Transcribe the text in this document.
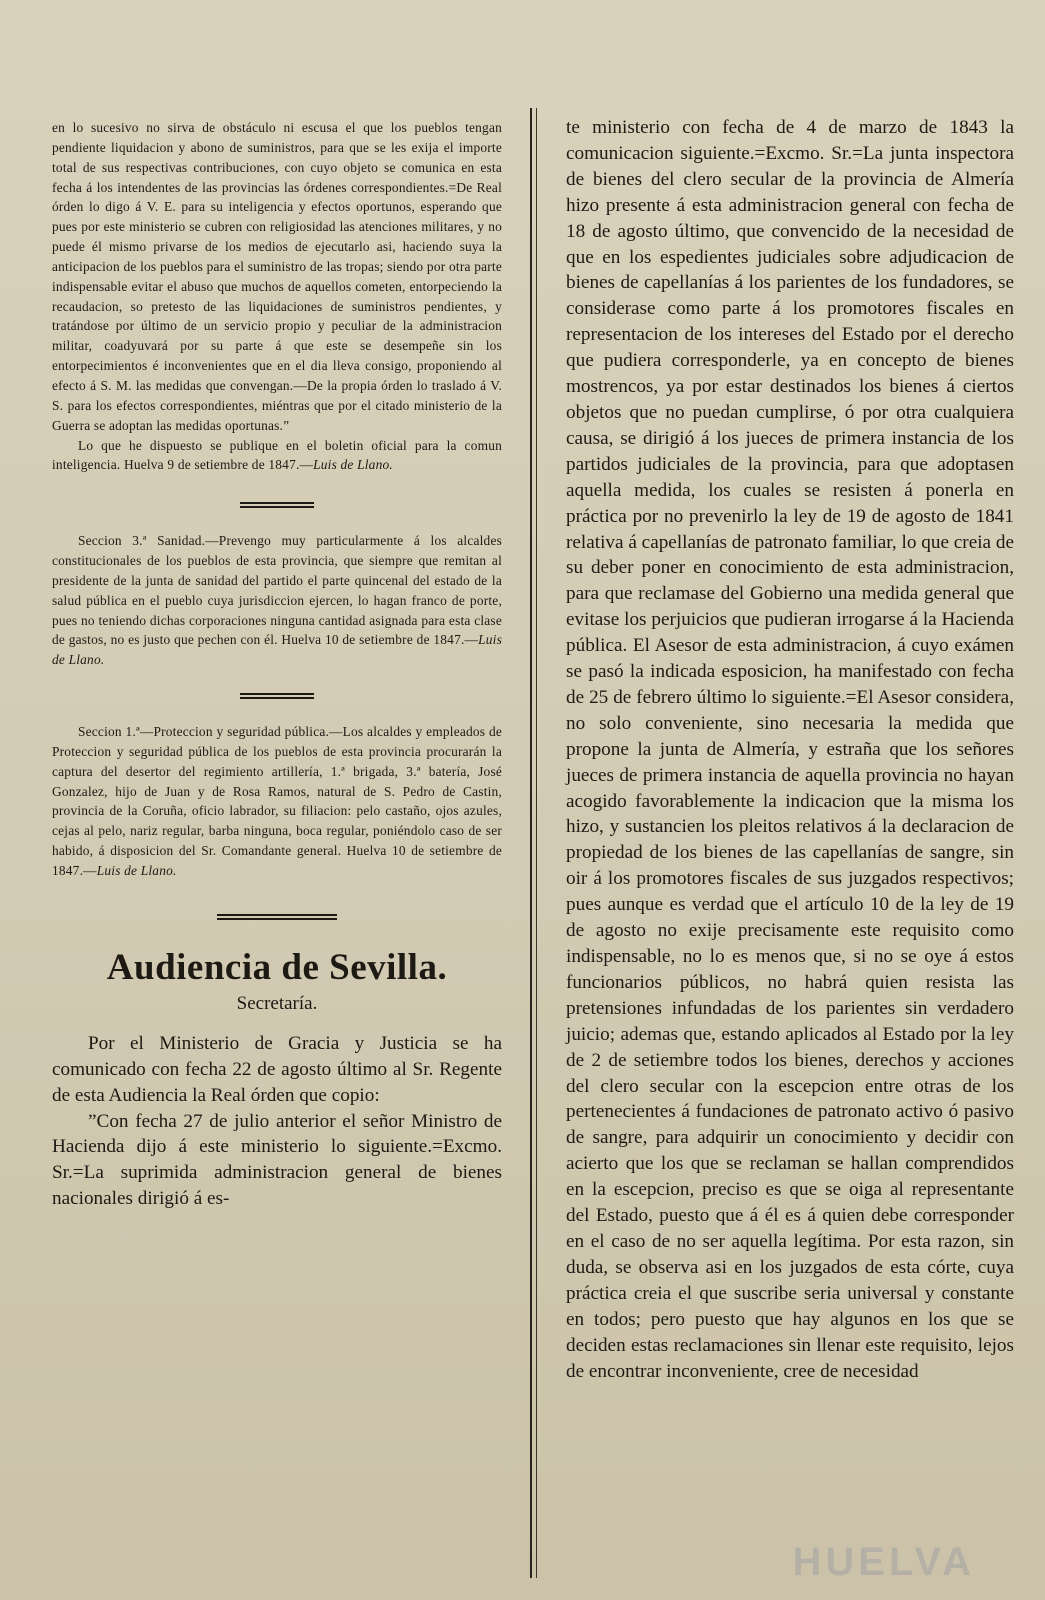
en lo sucesivo no sirva de obstáculo ni escusa el que los pueblos tengan pendiente liquidacion y abono de suministros, para que se les exija el importe total de sus respectivas contribuciones, con cuyo objeto se comunica en esta fecha á los intendentes de las provincias las órdenes correspondientes.=De Real órden lo digo á V. E. para su inteligencia y efectos oportunos, esperando que pues por este ministerio se cubren con religiosidad las atenciones militares, y no puede él mismo privarse de los medios de ejecutarlo asi, haciendo suya la anticipacion de los pueblos para el suministro de las tropas; siendo por otra parte indispensable evitar el abuso que muchos de aquellos cometen, entorpeciendo la recaudacion, so pretesto de las liquidaciones de suministros pendientes, y tratándose por último de un servicio propio y peculiar de la administracion militar, coadyuvará por su parte á que este se desempeñe sin los entorpecimientos é inconvenientes que en el dia lleva consigo, proponiendo al efecto á S. M. las medidas que convengan.—De la propia órden lo traslado á V. S. para los efectos correspondientes, miéntras que por el citado ministerio de la Guerra se adoptan las medidas oportunas.”

Lo que he dispuesto se publique en el boletin oficial para la comun inteligencia. Huelva 9 de setiembre de 1847.—Luis de Llano.

Seccion 3.ª Sanidad.—Prevengo muy particularmente á los alcaldes constitucionales de los pueblos de esta provincia, que siempre que remitan al presidente de la junta de sanidad del partido el parte quincenal del estado de la salud pública en el pueblo cuya jurisdiccion ejercen, lo hagan franco de porte, pues no teniendo dichas corporaciones ninguna cantidad asignada para esta clase de gastos, no es justo que pechen con él. Huelva 10 de setiembre de 1847.—Luis de Llano.

Seccion 1.ª—Proteccion y seguridad pública.—Los alcaldes y empleados de Proteccion y seguridad pública de los pueblos de esta provincia procurarán la captura del desertor del regimiento artillería, 1.ª brigada, 3.ª batería, José Gonzalez, hijo de Juan y de Rosa Ramos, natural de S. Pedro de Castin, provincia de la Coruña, oficio labrador, su filiacion: pelo castaño, ojos azules, cejas al pelo, nariz regular, barba ninguna, boca regular, poniéndolo caso de ser habido, á disposicion del Sr. Comandante general. Huelva 10 de setiembre de 1847.—Luis de Llano.

Audiencia de Sevilla.

Secretaría.

Por el Ministerio de Gracia y Justicia se ha comunicado con fecha 22 de agosto último al Sr. Regente de esta Audiencia la Real órden que copio:

”Con fecha 27 de julio anterior el señor Ministro de Hacienda dijo á este ministerio lo siguiente.=Excmo. Sr.=La suprimida administracion general de bienes nacionales dirigió á es-

te ministerio con fecha de 4 de marzo de 1843 la comunicacion siguiente.=Excmo. Sr.=La junta inspectora de bienes del clero secular de la provincia de Almería hizo presente á esta administracion general con fecha de 18 de agosto último, que convencido de la necesidad de que en los espedientes judiciales sobre adjudicacion de bienes de capellanías á los parientes de los fundadores, se considerase como parte á los promotores fiscales en representacion de los intereses del Estado por el derecho que pudiera corresponderle, ya en concepto de bienes mostrencos, ya por estar destinados los bienes á ciertos objetos que no puedan cumplirse, ó por otra cualquiera causa, se dirigió á los jueces de primera instancia de los partidos judiciales de la provincia, para que adoptasen aquella medida, los cuales se resisten á ponerla en práctica por no prevenirlo la ley de 19 de agosto de 1841 relativa á capellanías de patronato familiar, lo que creia de su deber poner en conocimiento de esta administracion, para que reclamase del Gobierno una medida general que evitase los perjuicios que pudieran irrogarse á la Hacienda pública. El Asesor de esta administracion, á cuyo exámen se pasó la indicada esposicion, ha manifestado con fecha de 25 de febrero último lo siguiente.=El Asesor considera, no solo conveniente, sino necesaria la medida que propone la junta de Almería, y estraña que los señores jueces de primera instancia de aquella provincia no hayan acogido favorablemente la indicacion que la misma los hizo, y sustancien los pleitos relativos á la declaracion de propiedad de los bienes de las capellanías de sangre, sin oir á los promotores fiscales de sus juzgados respectivos; pues aunque es verdad que el artículo 10 de la ley de 19 de agosto no exije precisamente este requisito como indispensable, no lo es menos que, si no se oye á estos funcionarios públicos, no habrá quien resista las pretensiones infundadas de los parientes sin verdadero juicio; ademas que, estando aplicados al Estado por la ley de 2 de setiembre todos los bienes, derechos y acciones del clero secular con la escepcion entre otras de los pertenecientes á fundaciones de patronato activo ó pasivo de sangre, para adquirir un conocimiento y decidir con acierto que los que se reclaman se hallan comprendidos en la escepcion, preciso es que se oiga al representante del Estado, puesto que á él es á quien debe corresponder en el caso de no ser aquella legítima. Por esta razon, sin duda, se observa asi en los juzgados de esta córte, cuya práctica creia el que suscribe seria universal y constante en todos; pero puesto que hay algunos en los que se deciden estas reclamaciones sin llenar este requisito, lejos de encontrar inconveniente, cree de necesidad

HUELVA
